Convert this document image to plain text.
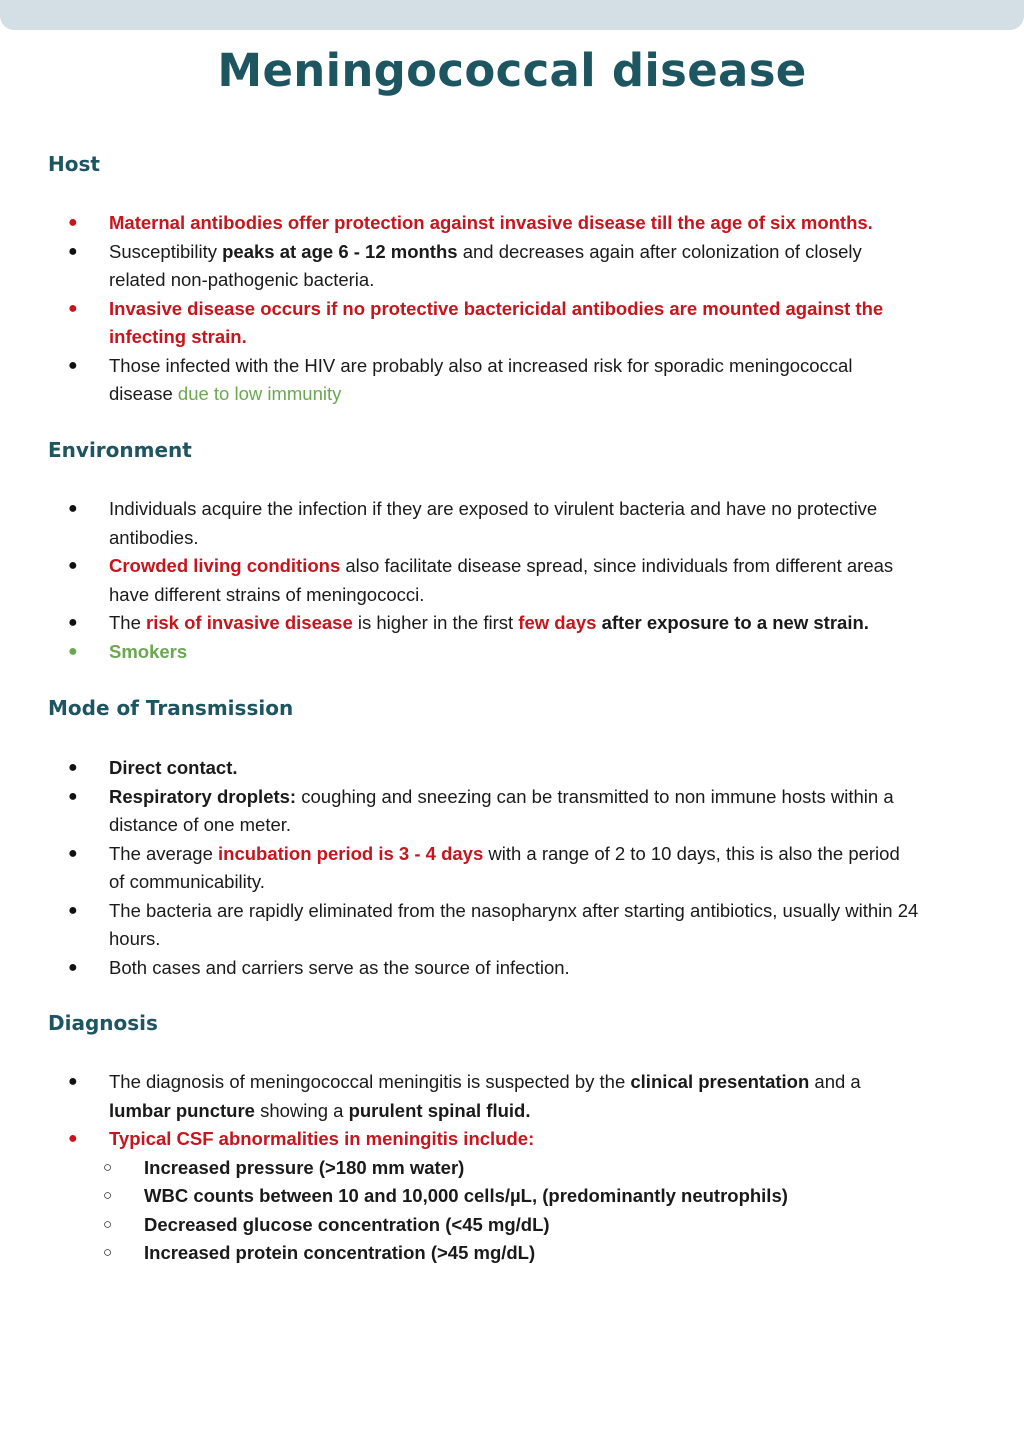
Meningococcal disease
Host
● Maternal antibodies offer protection against invasive disease till the age of six months.
● Susceptibility peaks at age 6 - 12 months and decreases again after colonization of closely related non-pathogenic bacteria.
● Invasive disease occurs if no protective bactericidal antibodies are mounted against the infecting strain.
● Those infected with the HIV are probably also at increased risk for sporadic meningococcal disease due to low immunity
Environment
● Individuals acquire the infection if they are exposed to virulent bacteria and have no protective antibodies.
● Crowded living conditions also facilitate disease spread, since individuals from different areas have different strains of meningococci.
● The risk of invasive disease is higher in the first few days after exposure to a new strain.
● Smokers
Mode of Transmission
● Direct contact.
● Respiratory droplets: coughing and sneezing can be transmitted to non immune hosts within a distance of one meter.
● The average incubation period is 3 - 4 days with a range of 2 to 10 days, this is also the period of communicability.
● The bacteria are rapidly eliminated from the nasopharynx after starting antibiotics, usually within 24 hours.
● Both cases and carriers serve as the source of infection.
Diagnosis
● The diagnosis of meningococcal meningitis is suspected by the clinical presentation and a lumbar puncture showing a purulent spinal fluid.
● Typical CSF abnormalities in meningitis include:
○ Increased pressure (>180 mm water)
○ WBC counts between 10 and 10,000 cells/µL, (predominantly neutrophils)
○ Decreased glucose concentration (<45 mg/dL)
○ Increased protein concentration (>45 mg/dL)
